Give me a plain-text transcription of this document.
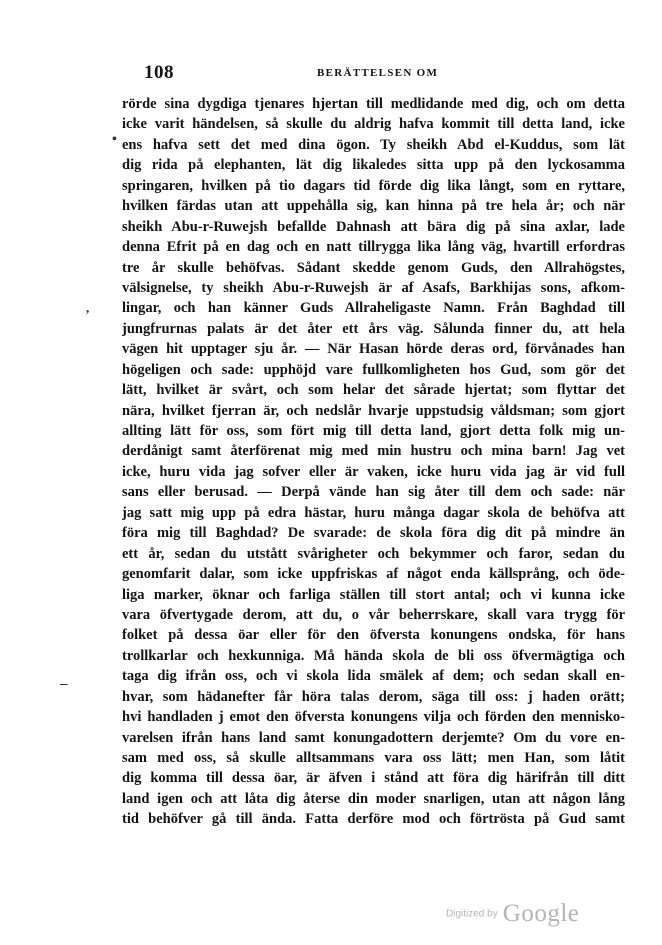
108	BERÄTTELSEN OM
rörde sina dygdiga tjenares hjertan till medlidande med dig, och om detta
icke varit händelsen, så skulle du aldrig hafva kommit till detta land, icke
ens hafva sett det med dina ögon. Ty sheikh Abd el-Kuddus, som lät
dig rida på elephanten, lät dig likaledes sitta upp på den lyckosamma
springaren, hvilken på tio dagars tid förde dig lika långt, som en ryttare,
hvilken färdas utan att uppehålla sig, kan hinna på tre hela år; och när
sheikh Abu-r-Ruwejsh befallde Dahnash att bära dig på sina axlar, lade
denna Efrit på en dag och en natt tillrygga lika lång väg, hvartill erfordras
tre år skulle behöfvas. Sådant skedde genom Guds, den Allrahögstes,
välsignelse, ty sheikh Abu-r-Ruwejsh är af Asafs, Barkhijas sons, afkom-
lingar, och han känner Guds Allraheligaste Namn. Från Baghdad till
jungfrurnas palats är det åter ett års väg. Sålunda finner du, att hela
vägen hit upptager sju år. — När Hasan hörde deras ord, förvånades han
högeligen och sade: upphöjd vare fullkomligheten hos Gud, som gör det
lätt, hvilket är svårt, och som helar det sårade hjertat; som flyttar det
nära, hvilket fjerran är, och nedslår hvarje uppstudsig våldsman; som gjort
allting lätt för oss, som fört mig till detta land, gjort detta folk mig un-
derdånigt samt återförenat mig med min hustru och mina barn! Jag vet
icke, huru vida jag sofver eller är vaken, icke huru vida jag är vid full
sans eller berusad. — Derpå vände han sig åter till dem och sade: när
jag satt mig upp på edra hästar, huru många dagar skola de behöfva att
föra mig till Baghdad? De svarade: de skola föra dig dit på mindre än
ett år, sedan du utstått svårigheter och bekymmer och faror, sedan du
genomfarit dalar, som icke uppfriskas af något enda källsprång, och öde-
liga marker, öknar och farliga ställen till stort antal; och vi kunna icke
vara öfvertygade derom, att du, o vår beherrskare, skall vara trygg för
folket på dessa öar eller för den öfversta konungens ondska, för hans
trollkarlar och hexkunniga. Må hända skola de bli oss öfvermägtiga och
taga dig ifrån oss, och vi skola lida smälek af dem; och sedan skall en-
hvar, som hädanefter får höra talas derom, säga till oss: j haden orätt;
hvi handladen j emot den öfversta konungens vilja och förden den mennisko-
varelsen ifrån hans land samt konungadottern derjemte? Om du vore en-
sam med oss, så skulle alltsammans vara oss lätt; men Han, som låtit
dig komma till dessa öar, är äfven i stånd att föra dig härifrån till ditt
land igen och att låta dig återse din moder snarligen, utan att någon lång
tid behöfver gå till ända. Fatta derföre mod och förtrösta på Gud samt
•
,
–
Digitized by Google
